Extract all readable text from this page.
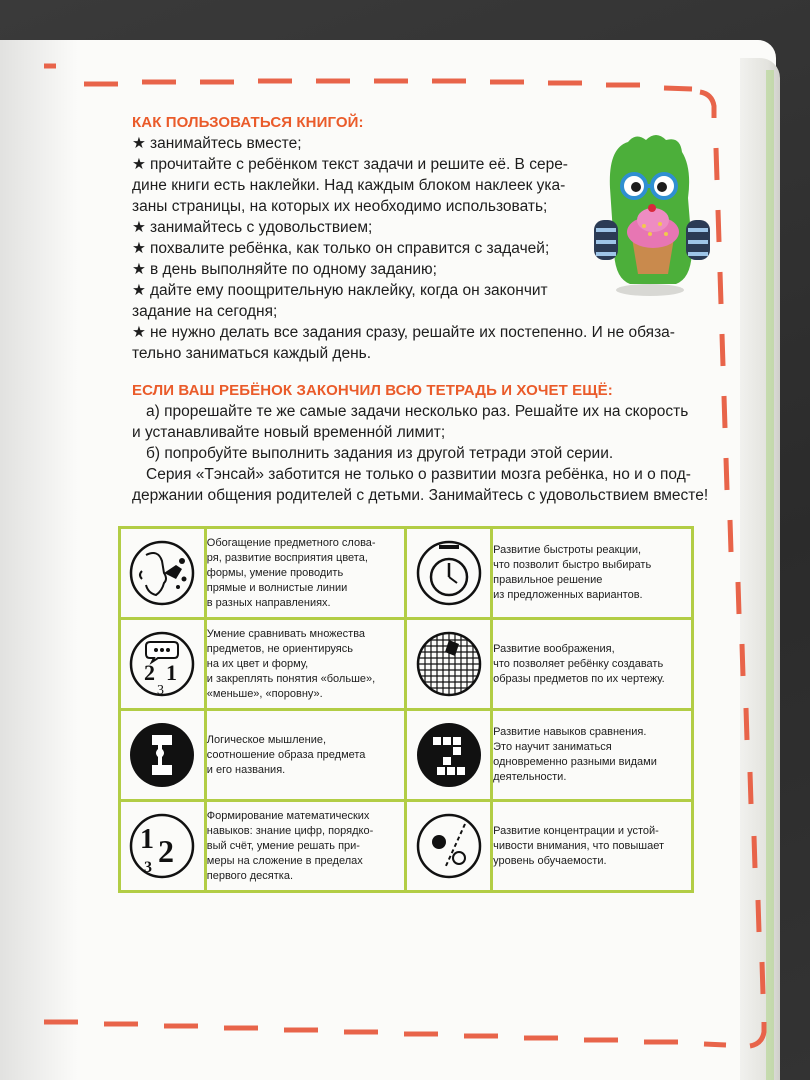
КАК ПОЛЬЗОВАТЬСЯ КНИГОЙ:
★ занимайтесь вместе;
★ прочитайте с ребёнком текст задачи и решите её. В сере-
дине книги есть наклейки. Над каждым блоком наклеек ука-
заны страницы, на которых их необходимо использовать;
★ занимайтесь с удовольствием;
★ похвалите ребёнка, как только он справится с задачей;
★ в день выполняйте по одному заданию;
★ дайте ему поощрительную наклейку, когда он закончит
задание на сегодня;
★ не нужно делать все задания сразу, решайте их постепенно. И не обяза-
тельно заниматься каждый день.
ЕСЛИ ВАШ РЕБЁНОК ЗАКОНЧИЛ ВСЮ ТЕТРАДЬ И ХОЧЕТ ЕЩЁ:
а) прорешайте те же самые задачи несколько раз. Решайте их на скорость
и устанавливайте новый временно́й лимит;
б) попробуйте выполнить задания из другой тетради этой серии.
Серия «Тэнсай» заботится не только о развитии мозга ребёнка, но и о под-
держании общения родителей с детьми. Занимайтесь с удовольствием вместе!

Обогащение предметного слова-
ря, развитие восприятия цвета,
формы, умение проводить
прямые и волнистые линии
в разных направлениях.		Развитие быстроты реакции,
что позволит быстро выбирать
правильное решение
из предложенных вариантов.

2 1
3	Умение сравнивать множества
предметов, не ориентируясь
на их цвет и форму,
и закреплять понятия «больше»,
«меньше», «поровну».		Развитие воображения,
что позволяет ребёнку создавать
образы предметов по их чертежу.

Логическое мышление,
соотношение образа предмета
и его названия.		Развитие навыков сравнения.
Это научит заниматься
одновременно разными видами
деятельности.

1 2
3	Формирование математических
навыков: знание цифр, порядко-
вый счёт, умение решать при-
меры на сложение в пределах
первого десятка.		Развитие концентрации и устой-
чивости внимания, что повышает
уровень обучаемости.
